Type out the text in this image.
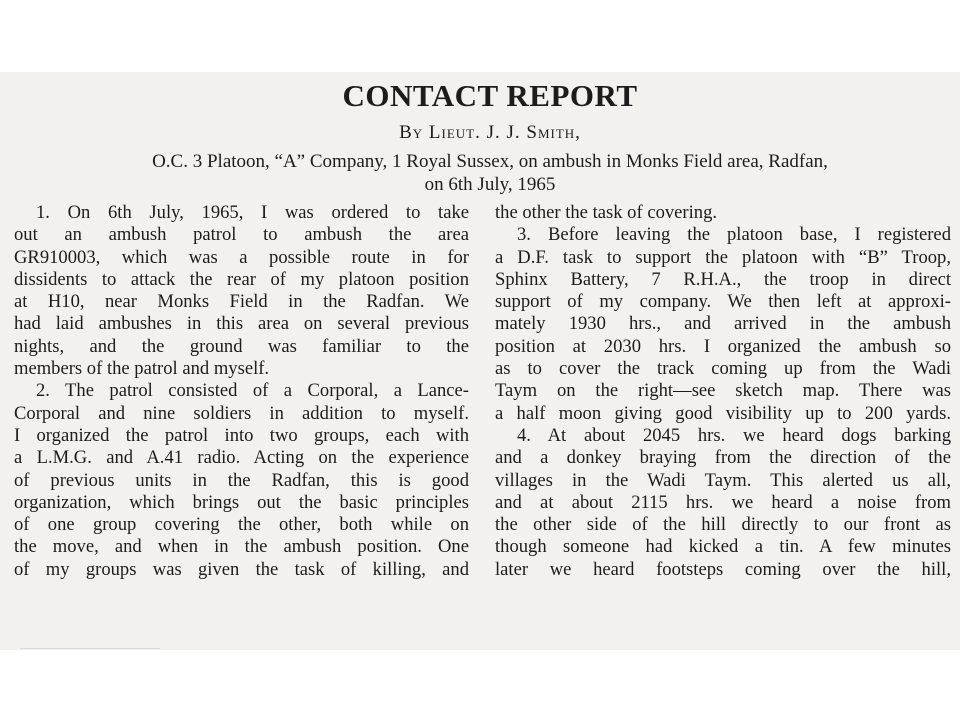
CONTACT REPORT
By Lieut. J. J. Smith,
O.C. 3 Platoon, “A” Company, 1 Royal Sussex, on ambush in Monks Field area, Radfan,
on 6th July, 1965
1. On 6th July, 1965, I was ordered to take
out an ambush patrol to ambush the area
GR910003, which was a possible route in for
dissidents to attack the rear of my platoon position
at H10, near Monks Field in the Radfan. We
had laid ambushes in this area on several previous
nights, and the ground was familiar to the
members of the patrol and myself.
2. The patrol consisted of a Corporal, a Lance-
Corporal and nine soldiers in addition to myself.
I organized the patrol into two groups, each with
a L.M.G. and A.41 radio. Acting on the experience
of previous units in the Radfan, this is good
organization, which brings out the basic principles
of one group covering the other, both while on
the move, and when in the ambush position. One
of my groups was given the task of killing, and
the other the task of covering.
3. Before leaving the platoon base, I registered
a D.F. task to support the platoon with “B” Troop,
Sphinx Battery, 7 R.H.A., the troop in direct
support of my company. We then left at approxi-
mately 1930 hrs., and arrived in the ambush
position at 2030 hrs. I organized the ambush so
as to cover the track coming up from the Wadi
Taym on the right—see sketch map. There was
a half moon giving good visibility up to 200 yards.
4. At about 2045 hrs. we heard dogs barking
and a donkey braying from the direction of the
villages in the Wadi Taym. This alerted us all,
and at about 2115 hrs. we heard a noise from
the other side of the hill directly to our front as
though someone had kicked a tin. A few minutes
later we heard footsteps coming over the hill,
